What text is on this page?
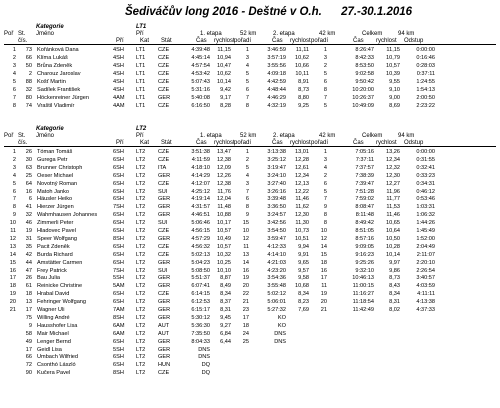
Šediváčův long 2016 - Deštné v O.h. 27.-30.1.2016
Kategorie	LT1
Poř St. Jméno	Pří	1. etapa	52 km	2. etapa	42 km	Celkem	94 km
čís.	Pří	Kat Stát	Čas rychlost pořadí	Čas rychlost pořadí	Čas rychlost Odstup
1	73 Kořánková Dana	4SH	LT1	CZE	4:39:48	11,15	1	3:46:59	11,11	1	8:26:47	11,15	0:00:00
2	66 Klíma Lukáš	4SH	LT1	CZE	4:45:14	10,94	3	3:57:19	10,62	3	8:42:33	10,79	0:16:46
3	50 Brůna Zdeněk	4SH	LT1	CZE	4:57:54	10,47	4	3:55:56	10,66	2	8:53:50	10,57	0:28:03
4	2 Charouz Jaroslav	4SH	LT1	CZE	4:53:42	10,62	5	4:09:18	10,11	5	9:02:58	10,39	0:37:11
5	88 Košť Martin	4SH	LT1	CZE	5:07:43	10,14	5	4:42:59	8,91	6	9:50:42	9,55	1:24:55
6	32 Sadílek František	4SH	LT1	CZE	5:31:16	9,42	6	4:48:44	8,73	8	10:20:00	9,10	1:54:13
7	80 Höckenreiner Jürgen	4AM	LT1	GER	5:40:08	9,17	7	4:46:29	8,80	7	10:26:37	9,00	2:00:50
8	74 Vraštil Vladimír	4AM	LT1	CZE	6:16:50	8,28	8	4:32:19	9,25	5	10:49:09	8,69	2:23:22
Kategorie	LT2
Poř St. Jméno	Pří	1. etapa	52 km	2. etapa	42 km	Celkem	94 km
čís.	Pří	Kat Stát	Čas rychlost pořadí	Čas rychlost pořadí	Čas rychlost Odstup
1	26 Tóman Tomáš	6SH	LT2	CZE	3:51:38	13,47	1	3:13:38	13,01	1	7:05:16	13,26	0:00:00
2	30 Gurega Petr	6SH	LT2	CZE	4:11:59	12,38	2	3:25:12	12,28	3	7:37:11	12,34	0:31:55
3	63 Brunner Christoph	6SH	LT2	ITA	4:18:10	12,09	5	3:19:47	12,61	4	7:37:57	12,32	0:32:41
4	25 Oeser Michael	6SH	LT2	GER	4:14:29	12,26	4	3:24:10	12,34	2	7:38:39	12,30	0:33:23
5	64 Novotný Roman	6SH	LT2	CZE	4:12:07	12,38	3	3:27:40	12,13	6	7:39:47	12,27	0:34:31
6	16 Matoh Janko	6SH	LT2	SUI	4:25:12	11,76	7	3:26:16	12,22	5	7:51:28	11,96	0:46:12
7	6 Häusler Heiko	6SH	LT2	GER	4:19:14	12,04	6	3:39:48	11,46	7	7:59:02	11,77	0:53:46
8	41 Hierzer Jürgen	7SH	LT2	GER	4:31:57	11,48	8	3:36:50	11,62	9	8:08:47	11,53	1:03:31
9	32 Wahmhausen Johannes	6SH	LT2	GER	4:46:51	10,88	9	3:24:57	12,30	8	8:11:48	11,46	1:06:32
10	46 Zimmerli Peter	6SH	LT2	SUI	5:06:46	10,17	15	3:42:56	11,30	8	8:49:42	10,65	1:44:26
11	19 Hladovec Pavel	6SH	LT2	CZE	4:56:15	10,57	10	3:54:50	10,73	10	8:51:05	10,64	1:45:49
12	31 Speer Wolfgang	8SH	LT2	GER	4:57:29	10,49	12	3:59:47	10,51	12	8:57:16	10,50	1:52:00
13	35 Pacit Zdeněk	6SH	LT2	CZE	4:56:32	10,57	11	4:12:33	9,94	14	9:09:05	10,28	2:04:49
14	42 Burda Richard	6SH	LT2	CZE	5:02:13	10,32	13	4:14:10	9,91	15	9:16:23	10,14	2:11:07
15	44 Amstätter Carmen	6SH	LT2	GER	5:04:23	10,25	14	4:21:03	9,65	18	9:25:26	9,97	2:20:10
16	47 Frey Patrick	7SH	LT2	SUI	5:08:50	10,10	16	4:23:20	9,57	16	9:32:10	9,86	2:26:54
17	26 Bau Julia	5SH	LT2	GER	5:51:37	8,87	19	3:54:36	9,58	17	10:46:13	8,73	3:40:57
18	61 Reinicke Christine	5AM	LT2	GER	6:07:41	8,49	20	3:55:48	10,68	11	11:00:15	8,43	4:03:59
19	18 Hrabal David	6SH	LT2	CZE	6:14:15	8,34	22	5:02:12	8,34	19	11:16:27	8,34	4:11:11
20	13 Fehringer Wolfgang	6SH	LT2	GER	6:12:53	8,37	21	5:06:01	8,23	20	11:18:54	8,31	4:13:38
21	17 Wagner Uli	7AM	LT2	GER	6:15:17	8,31	23	5:27:32	7,69	21	11:42:49	8,02	4:37:33
75 Willing André	8SH	LT2	GER	5:30:12	9,45	17	KO
9 Hausshofer Lisa	6AM	LT2	AUT	5:36:30	9,27	18	KO
58 Mair Michael	6AM	LT2	AUT	7:35:50	6,84	24	DNS
49 Lenger Bernd	6SH	LT2	GER	8:04:33	6,44	25	DNS
17 Geidl Lisa	5SH	LT2	GER	DNS
66 Umbach Wilfried	6SH	LT2	GER	DNS
72 Csonthó László	6SH	LT2	HUN	DQ
90 Kučera Pavel	8SH	LT2	CZE	DQ
